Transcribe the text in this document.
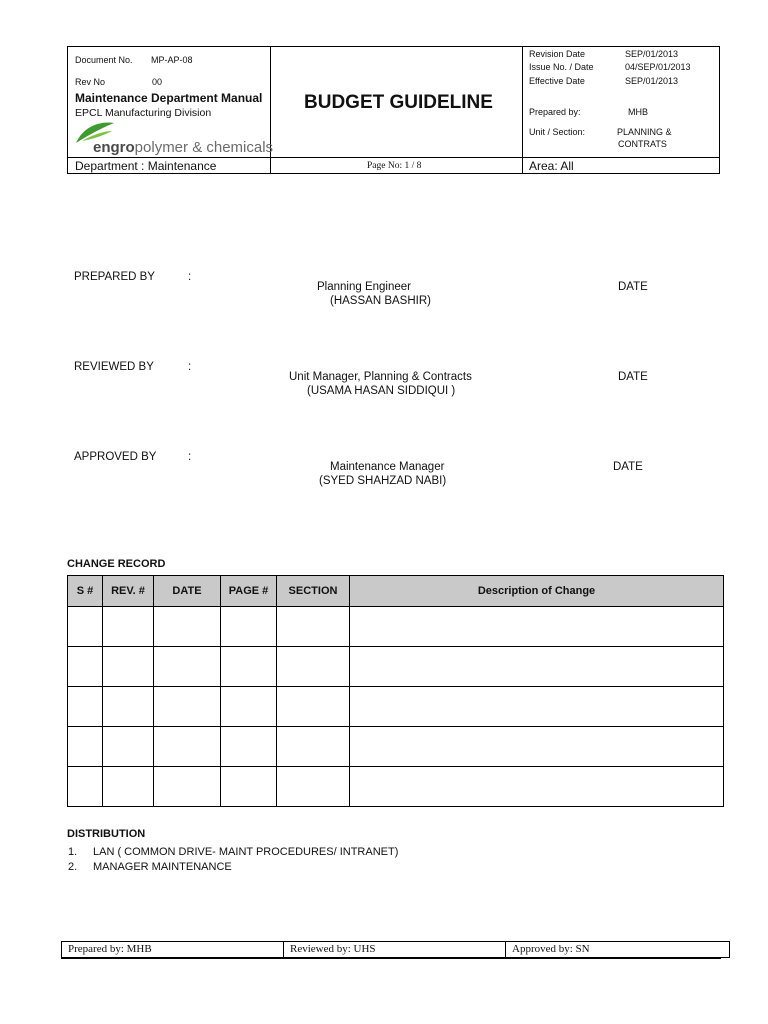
Document No. MP-AP-08
Rev No	00
Maintenance Department Manual
EPCL Manufacturing Division
engropolymer & chemicals
Department : Maintenance
BUDGET GUIDELINE
Page No: 1 / 8
Revision Date	SEP/01/2013
Issue No. / Date	04/SEP/01/2013
Effective Date	SEP/01/2013
Prepared by:	MHB
Unit / Section:	PLANNING &
CONTRATS
Area: All
PREPARED BY	:
Planning Engineer
(HASSAN BASHIR)
DATE
REVIEWED BY	:
Unit Manager, Planning & Contracts
(USAMA HASAN SIDDIQUI )
DATE
APPROVED BY	:
Maintenance Manager
(SYED SHAHZAD NABI)
DATE
CHANGE RECORD
S #	REV. #	DATE	PAGE #	SECTION	Description of Change

DISTRIBUTION
1. LAN ( COMMON DRIVE- MAINT PROCEDURES/ INTRANET)
2. MANAGER MAINTENANCE
Prepared by: MHB	Reviewed by: UHS	Approved by: SN
